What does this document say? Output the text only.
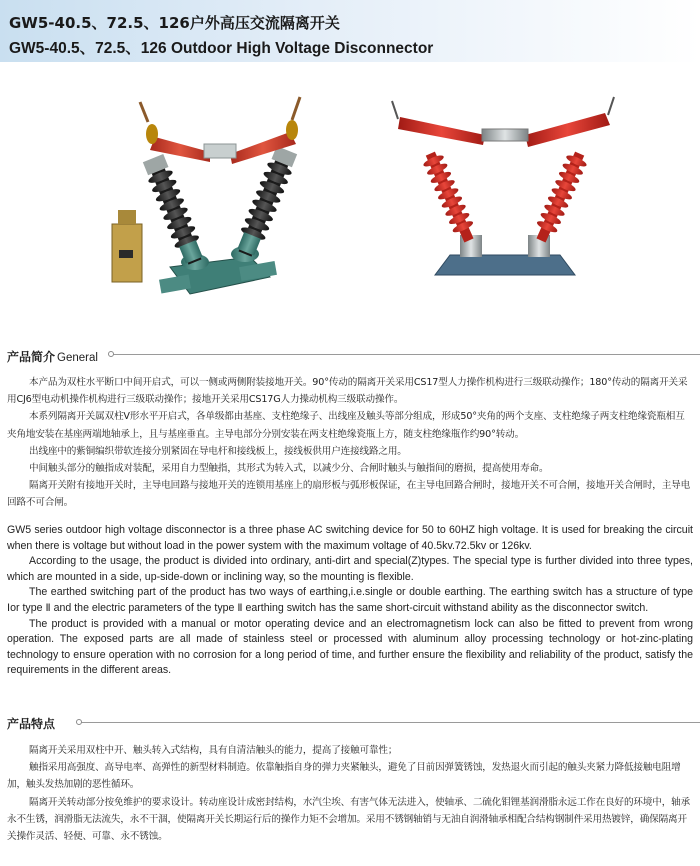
GW5-40.5、72.5、126户外高压交流隔离开关
GW5-40.5、72.5、126 Outdoor High Voltage Disconnector
产品简介 General

本产品为双柱水平断口中间开启式，可以一侧或两侧附装接地开关。90°传动的隔离开关采用CS17型人力操作机构进行三级联动操作；180°传动的隔离开关采用CJ6型电动机操作机构进行三级联动操作；接地开关采用CS17G人力操动机构三级联动操作。

本系列隔离开关属双柱V形水平开启式，各单级都由基座、支柱绝缘子、出线座及触头等部分组成，形成50°夹角的两个支座、支柱绝缘子两支柱绝缘瓷瓶相互夹角地安装在基座两端地轴承上，且与基座垂直。主导电部分分别安装在两支柱绝缘瓷瓶上方，随支柱绝缘瓶作约90°转动。

出线座中的紫铜编织带软连接分别紧固在导电杆和接线板上，接线板供用户连接线路之用。

中间触头部分的触指成对装配，采用自力型触指，其形式为转入式，以减少分、合闸时触头与触指间的磨损，提高使用寿命。

隔离开关附有接地开关时，主导电回路与接地开关的连锁用基座上的扇形板与弧形板保证，在主导电回路合闸时，接地开关不可合闸，接地开关合闸时，主导电回路不可合闸。

GW5 series outdoor high voltage disconnector is a three phase AC switching device for 50 to 60HZ high voltage. It is used for breaking the circuit when there is voltage but without load in the power system with the maximum voltage of 40.5kv.72.5kv or 126kv.

According to the usage, the product is divided into ordinary, anti-dirt and special(Z)types. The special type is further divided into three types, which are mounted in a side, up-side-down or inclining way, so the mounting is flexible.

The earthed switching part of the product has two ways of earthing,i.e.single or double earthing. The earthing switch has a structure of type Ⅰor type Ⅱ and the electric parameters of the type Ⅱ earthing switch has the same short-circuit withstand ability as the disconnector switch.

The product is provided with a manual or motor operating device and an electromagnetism lock can also be fitted to prevent from wrong operation. The exposed parts are all made of stainless steel or processed with aluminum alloy processing technology or hot-zinc-plating technology to ensure operation with no corrosion for a long period of time, and further ensure the flexibility and reliability of the product, satisfy the requirements in the different areas.

产品特点

隔离开关采用双柱中开、触头转入式结构，具有自清洁触头的能力，提高了接触可靠性；

触指采用高强度、高导电率、高弹性的新型材料制造。依靠触指自身的弹力夹紧触头，避免了目前因弹簧锈蚀，发热退火而引起的触头夹紧力降低接触电阻增加，触头发热加剧的恶性循环。

隔离开关转动部分按免维护的要求设计。转动座设计成密封结构，水汽尘埃、有害气体无法进入，使轴承、二硫化钼锂基润滑脂永远工作在良好的环境中，轴承永不生锈，润滑脂无法流失，永不干涸，使隔离开关长期运行后的操作力矩不会增加。采用不锈钢轴销与无油自润滑轴承相配合结构钢制件采用热镀锌，确保隔离开关操作灵活、轻便、可靠、永不锈蚀。
